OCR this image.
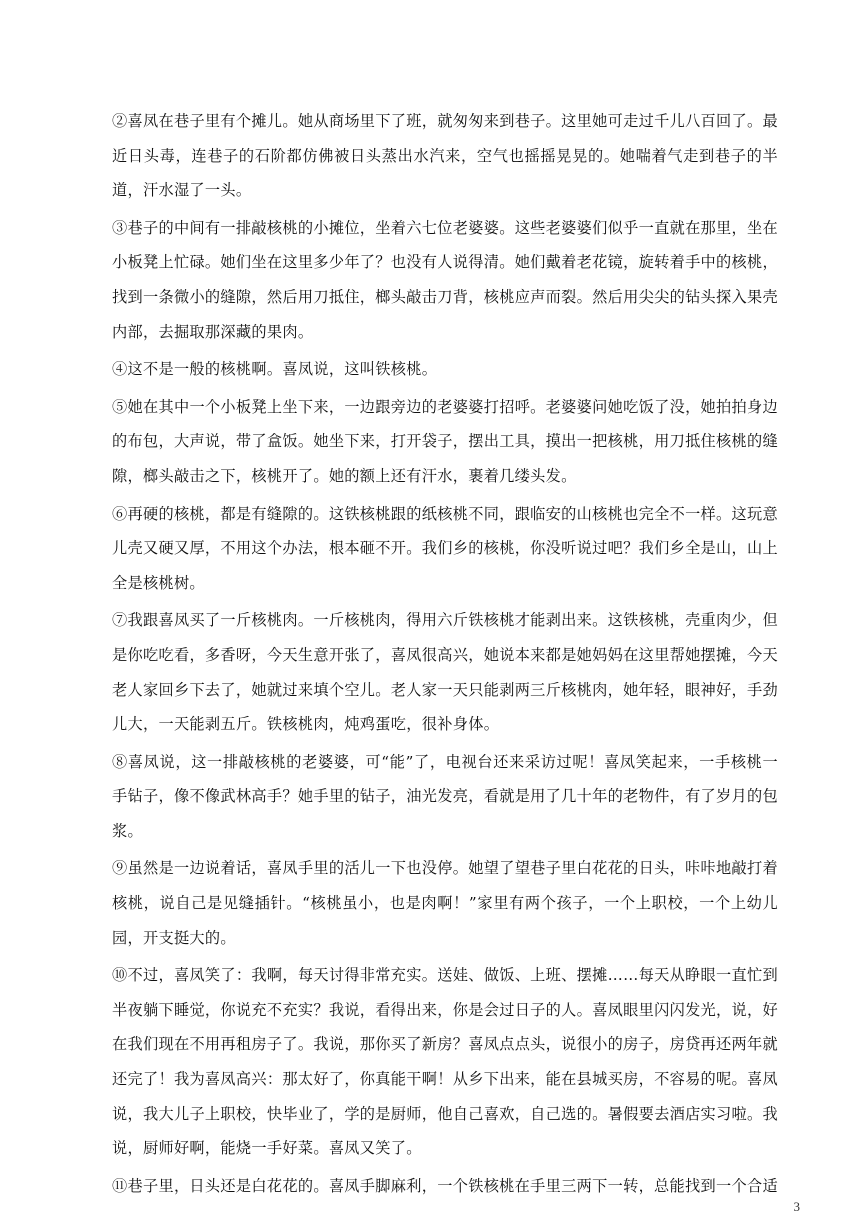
②喜凤在巷子里有个摊儿。她从商场里下了班，就匆匆来到巷子。这里她可走过千儿八百回了。最近日头毒，连巷子的石阶都仿佛被日头蒸出水汽来，空气也摇摇晃晃的。她喘着气走到巷子的半道，汗水湿了一头。

③巷子的中间有一排敲核桃的小摊位，坐着六七位老婆婆。这些老婆婆们似乎一直就在那里，坐在小板凳上忙碌。她们坐在这里多少年了？也没有人说得清。她们戴着老花镜，旋转着手中的核桃，找到一条微小的缝隙，然后用刀抵住，榔头敲击刀背，核桃应声而裂。然后用尖尖的钻头探入果壳内部，去掘取那深藏的果肉。

④这不是一般的核桃啊。喜凤说，这叫铁核桃。

⑤她在其中一个小板凳上坐下来，一边跟旁边的老婆婆打招呼。老婆婆问她吃饭了没，她拍拍身边的布包，大声说，带了盒饭。她坐下来，打开袋子，摆出工具，摸出一把核桃，用刀抵住核桃的缝隙，榔头敲击之下，核桃开了。她的额上还有汗水，裹着几缕头发。

⑥再硬的核桃，都是有缝隙的。这铁核桃跟的纸核桃不同，跟临安的山核桃也完全不一样。这玩意儿壳又硬又厚，不用这个办法，根本砸不开。我们乡的核桃，你没听说过吧？我们乡全是山，山上全是核桃树。

⑦我跟喜凤买了一斤核桃肉。一斤核桃肉，得用六斤铁核桃才能剥出来。这铁核桃，壳重肉少，但是你吃吃看，多香呀，今天生意开张了，喜凤很高兴，她说本来都是她妈妈在这里帮她摆摊，今天老人家回乡下去了，她就过来填个空儿。老人家一天只能剥两三斤核桃肉，她年轻，眼神好，手劲儿大，一天能剥五斤。铁核桃肉，炖鸡蛋吃，很补身体。

⑧喜凤说，这一排敲核桃的老婆婆，可“能”了，电视台还来采访过呢！喜凤笑起来，一手核桃一手钻子，像不像武林高手？她手里的钻子，油光发亮，看就是用了几十年的老物件，有了岁月的包浆。

⑨虽然是一边说着话，喜凤手里的活儿一下也没停。她望了望巷子里白花花的日头，咔咔地敲打着核桃，说自己是见缝插针。“核桃虽小，也是肉啊！”家里有两个孩子，一个上职校，一个上幼儿园，开支挺大的。

⑩不过，喜凤笑了：我啊，每天讨得非常充实。送娃、做饭、上班、摆摊……每天从睁眼一直忙到半夜躺下睡觉，你说充不充实？我说，看得出来，你是会过日子的人。喜凤眼里闪闪发光，说，好在我们现在不用再租房子了。我说，那你买了新房？喜凤点点头，说很小的房子，房贷再还两年就还完了！我为喜凤高兴：那太好了，你真能干啊！从乡下出来，能在县城买房，不容易的呢。喜凤说，我大儿子上职校，快毕业了，学的是厨师，他自己喜欢，自己选的。暑假要去酒店实习啦。我说，厨师好啊，能烧一手好菜。喜凤又笑了。

⑪巷子里，日头还是白花花的。喜凤手脚麻利，一个铁核桃在手里三两下一转，总能找到一个合适

3
